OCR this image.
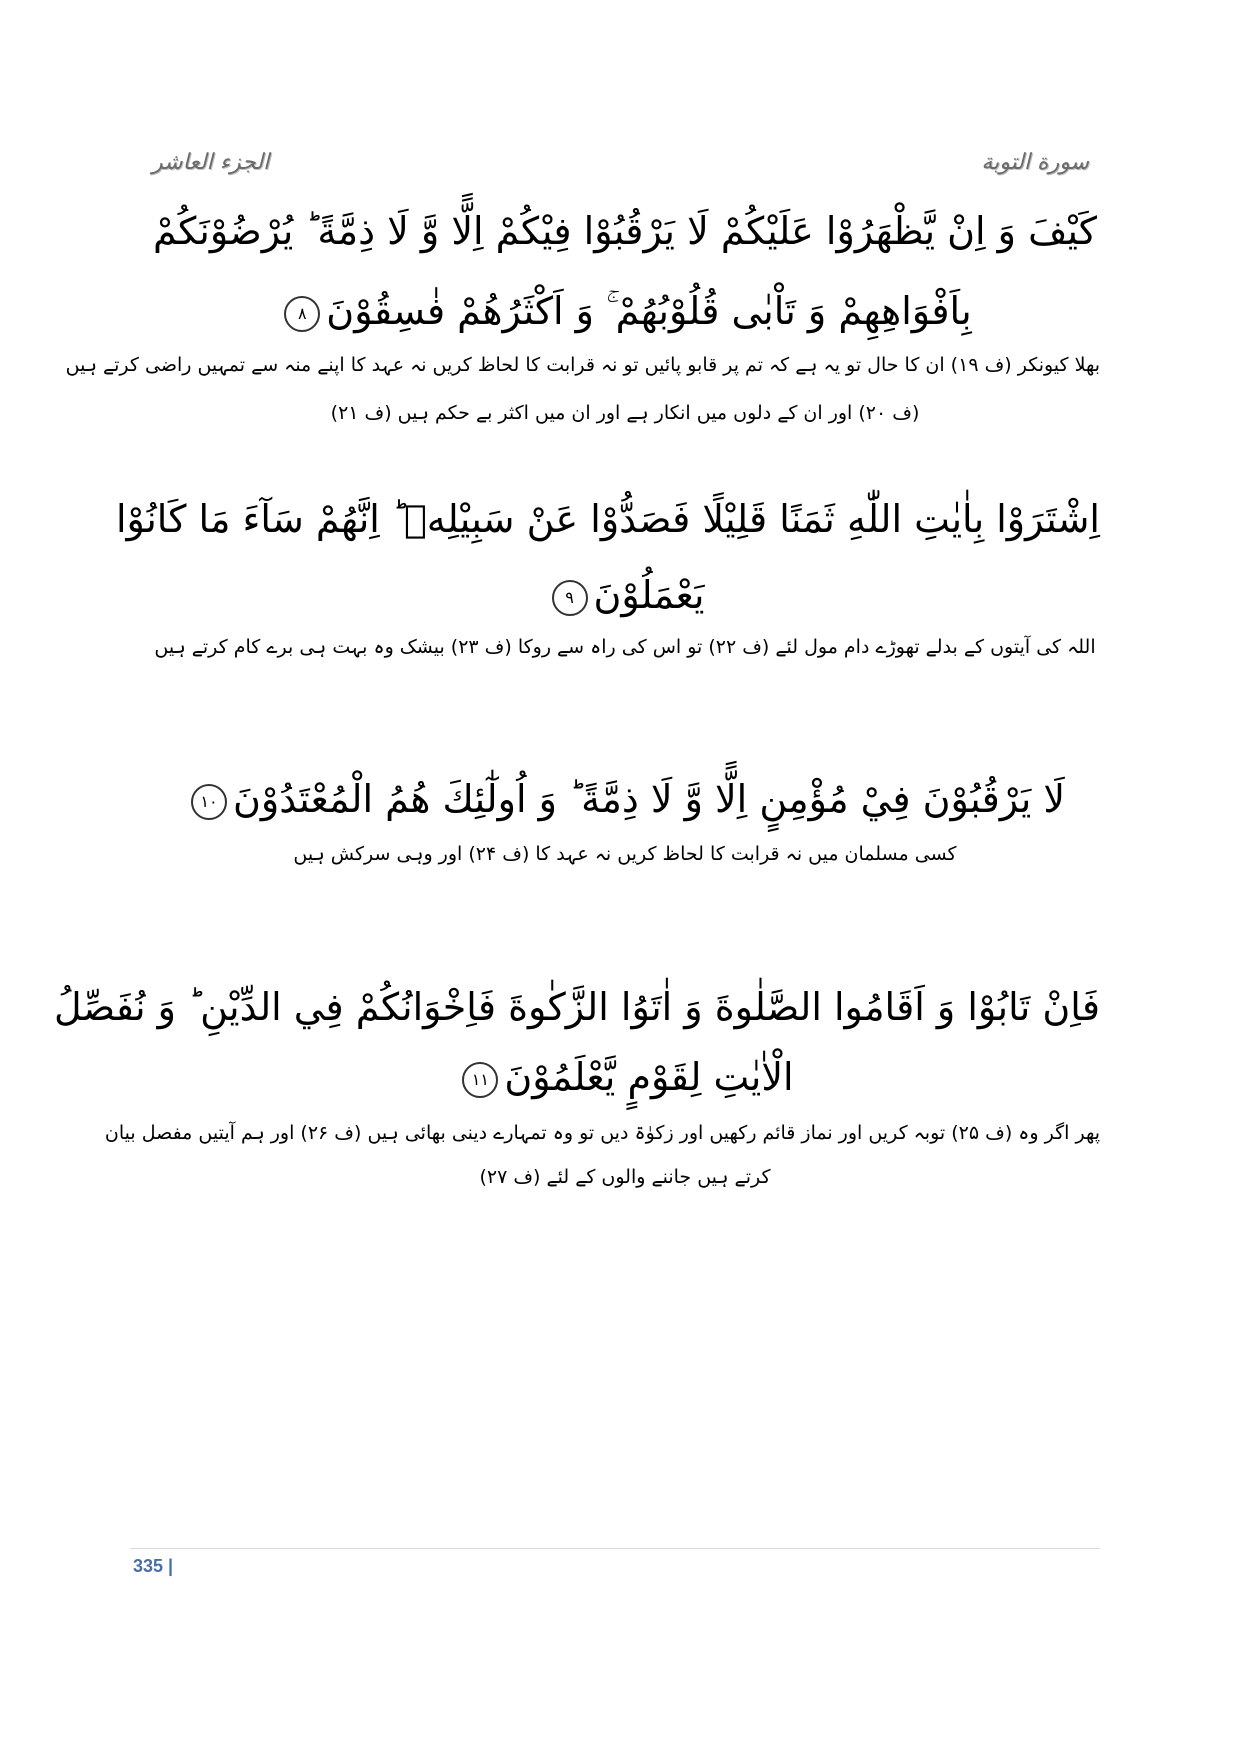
الجزء العاشر	سورة التوبة
كَيْفَ وَ اِنْ يَّظْهَرُوْا عَلَيْكُمْ لَا يَرْقُبُوْا فِيْكُمْ اِلًّا وَّ لَا ذِمَّةً ؕ يُرْضُوْنَكُمْ
بِاَفْوَاهِهِمْ وَ تَاْبٰى قُلُوْبُهُمْ ۚ وَ اَكْثَرُهُمْ فٰسِقُوْنَ٨
بھلا کیونکر (ف ۱۹) ان کا حال تو یہ ہے کہ تم پر قابو پائیں تو نہ قرابت کا لحاظ کریں نہ عہد کا اپنے منہ سے تمہیں راضی کرتے ہیں
(ف ۲۰) اور ان کے دلوں میں انکار ہے اور ان میں اکثر بے حکم ہیں (ف ۲۱)
اِشْتَرَوْا بِاٰيٰتِ اللّٰهِ ثَمَنًا قَلِيْلًا فَصَدُّوْا عَنْ سَبِيْلِهٖ ؕ اِنَّهُمْ سَآءَ مَا كَانُوْا
يَعْمَلُوْنَ٩
اللہ کی آیتوں کے بدلے تھوڑے دام مول لئے (ف ۲۲) تو اس کی راہ سے روکا (ف ۲۳) بیشک وہ بہت ہی برے کام کرتے ہیں
لَا يَرْقُبُوْنَ فِيْ مُؤْمِنٍ اِلًّا وَّ لَا ذِمَّةً ؕ وَ اُولٰٓئِكَ هُمُ الْمُعْتَدُوْنَ١٠
کسی مسلمان میں نہ قرابت کا لحاظ کریں نہ عہد کا (ف ۲۴) اور وہی سرکش ہیں
فَاِنْ تَابُوْا وَ اَقَامُوا الصَّلٰوةَ وَ اٰتَوُا الزَّكٰوةَ فَاِخْوَانُكُمْ فِي الدِّيْنِ ؕ وَ نُفَصِّلُ
الْاٰيٰتِ لِقَوْمٍ يَّعْلَمُوْنَ١١
پھر اگر وہ (ف ۲۵) توبہ کریں اور نماز قائم رکھیں اور زکوٰۃ دیں تو وہ تمہارے دینی بھائی ہیں (ف ۲۶) اور ہم آیتیں مفصل بیان
کرتے ہیں جاننے والوں کے لئے (ف ۲۷)
335 |
